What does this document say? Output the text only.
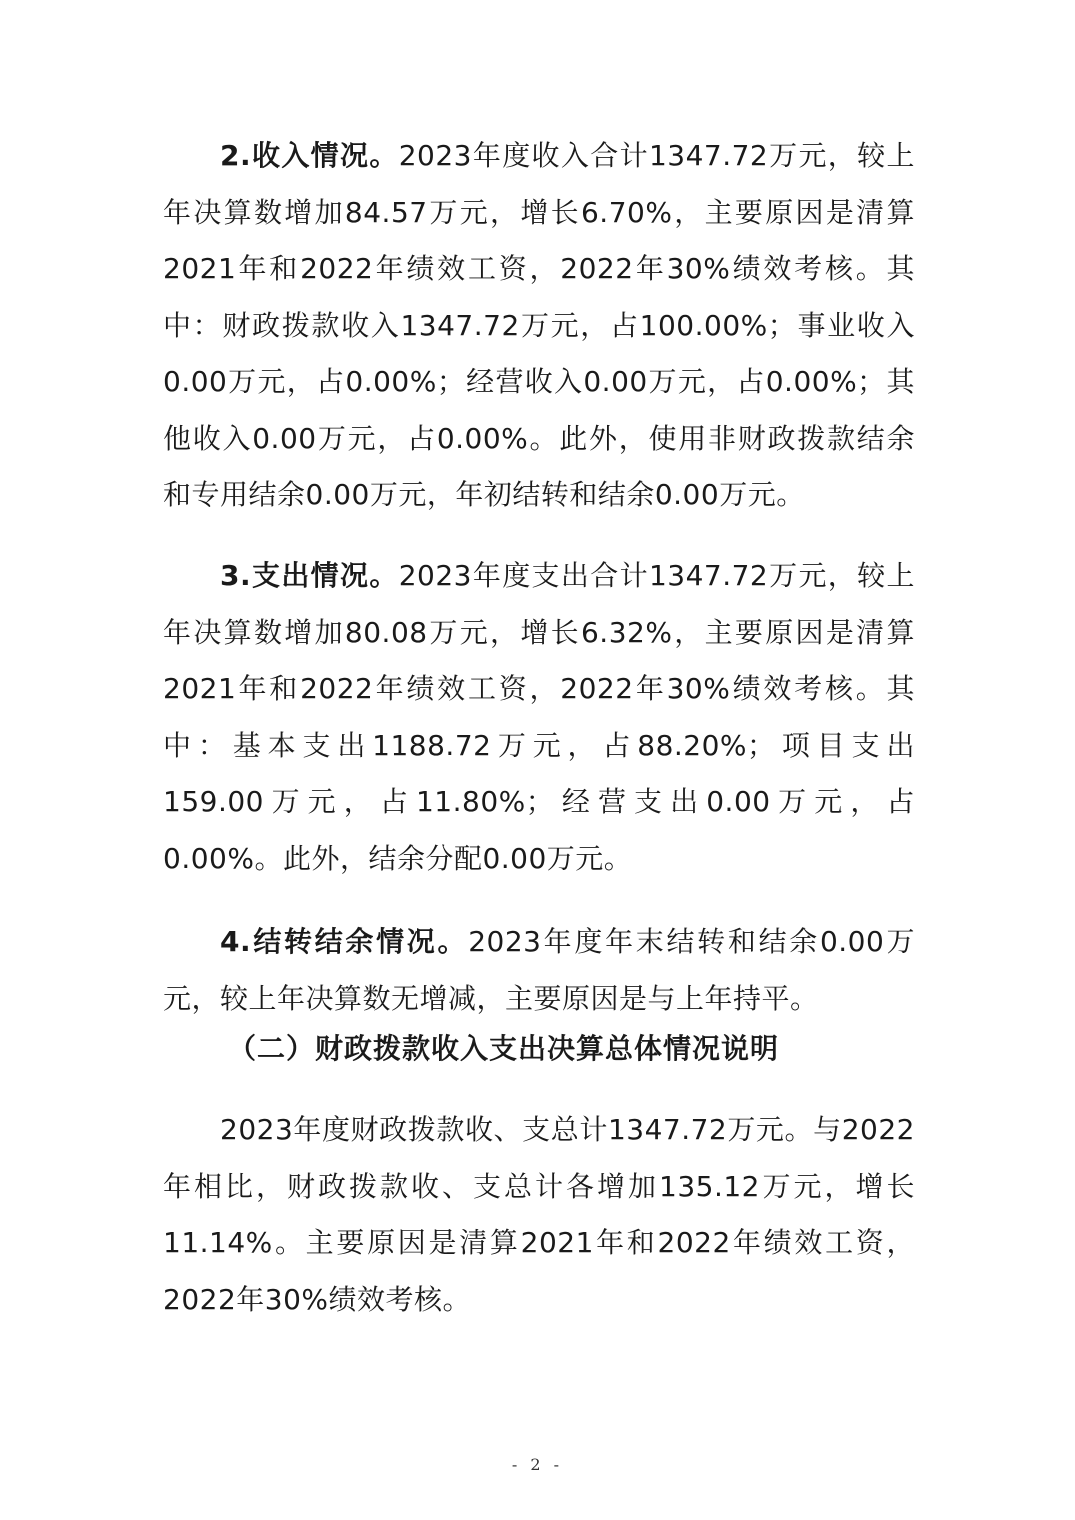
2.收入情况。2023年度收入合计1347.72万元，较上年决算数增加84.57万元，增长6.70%，主要原因是清算2021年和2022年绩效工资，2022年30%绩效考核。其中：财政拨款收入1347.72万元，占100.00%；事业收入0.00万元，占0.00%；经营收入0.00万元，占0.00%；其他收入0.00万元，占0.00%。此外，使用非财政拨款结余和专用结余0.00万元，年初结转和结余0.00万元。

3.支出情况。2023年度支出合计1347.72万元，较上年决算数增加80.08万元，增长6.32%，主要原因是清算2021年和2022年绩效工资，2022年30%绩效考核。其中：基本支出1188.72万元，占88.20%；项目支出159.00万元，占11.80%；经营支出0.00万元，占0.00%。此外，结余分配0.00万元。

4.结转结余情况。2023年度年末结转和结余0.00万元，较上年决算数无增减，主要原因是与上年持平。

（二）财政拨款收入支出决算总体情况说明

2023年度财政拨款收、支总计1347.72万元。与2022年相比，财政拨款收、支总计各增加135.12万元，增长11.14%。主要原因是清算2021年和2022年绩效工资，2022年30%绩效考核。

- 2 -
